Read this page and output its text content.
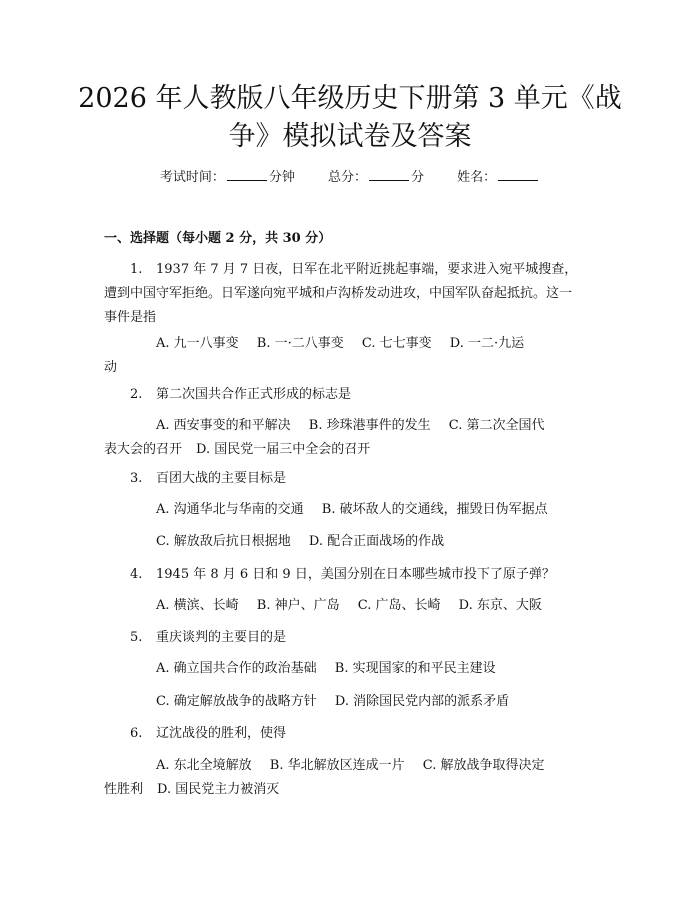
2026 年人教版八年级历史下册第 3 单元《战
争》模拟试卷及答案
考试时间：	分钟	总分：	分	姓名：
一、选择题（每小题 2 分，共 30 分）
1. 1937 年 7 月 7 日夜，日军在北平附近挑起事端，要求进入宛平城搜查，
遭到中国守军拒绝。日军遂向宛平城和卢沟桥发动进攻，中国军队奋起抵抗。这一
事件是指
A. 九一八事变 B. 一·二八事变 C. 七七事变 D. 一二·九运
动
2. 第二次国共合作正式形成的标志是
A. 西安事变的和平解决 B. 珍珠港事件的发生 C. 第二次全国代
表大会的召开 D. 国民党一届三中全会的召开
3. 百团大战的主要目标是
A. 沟通华北与华南的交通 B. 破坏敌人的交通线，摧毁日伪军据点
C. 解放敌后抗日根据地 D. 配合正面战场的作战
4. 1945 年 8 月 6 日和 9 日，美国分别在日本哪些城市投下了原子弹？
A. 横滨、长崎 B. 神户、广岛 C. 广岛、长崎 D. 东京、大阪
5. 重庆谈判的主要目的是
A. 确立国共合作的政治基础 B. 实现国家的和平民主建设
C. 确定解放战争的战略方针 D. 消除国民党内部的派系矛盾
6. 辽沈战役的胜利，使得
A. 东北全境解放 B. 华北解放区连成一片 C. 解放战争取得决定
性胜利 D. 国民党主力被消灭
